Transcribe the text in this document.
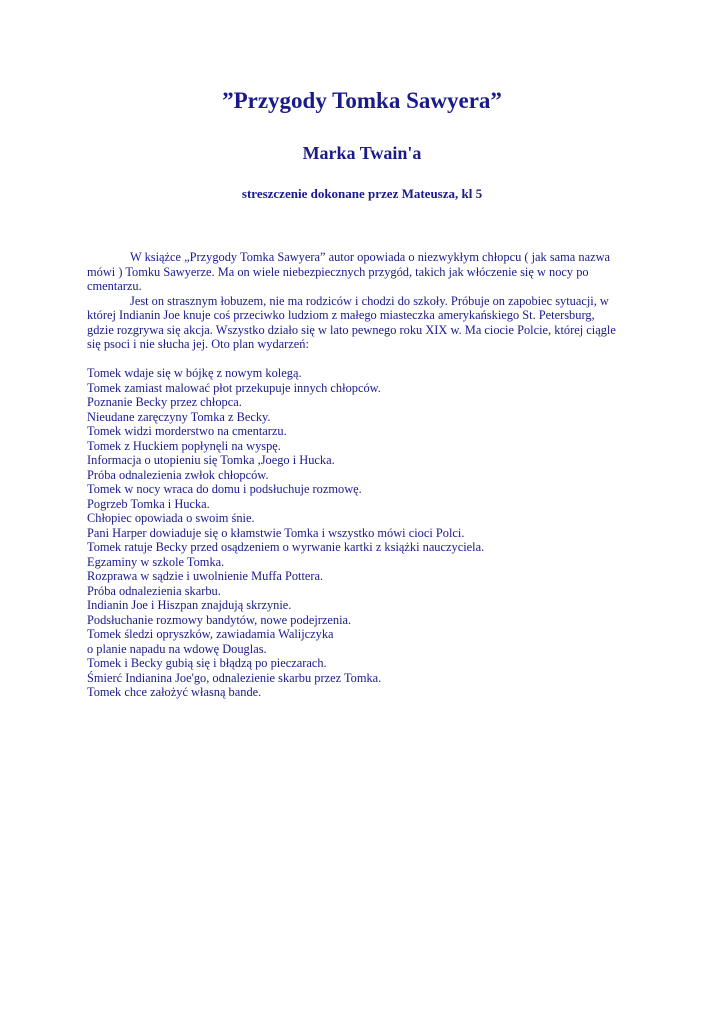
”Przygody Tomka Sawyera”
Marka Twain'a
streszczenie dokonane przez Mateusza, kl 5

W książce „Przygody Tomka Sawyera” autor opowiada o niezwykłym chłopcu ( jak sama nazwa
mówi ) Tomku Sawyerze. Ma on wiele niebezpiecznych przygód, takich jak włóczenie się w nocy po
cmentarzu.

Jest on strasznym łobuzem, nie ma rodziców i chodzi do szkoły. Próbuje on zapobiec sytuacji, w
której Indianin Joe knuje coś przeciwko ludziom z małego miasteczka amerykańskiego St. Petersburg,
gdzie rozgrywa się akcja. Wszystko działo się w lato pewnego roku XIX w. Ma ciocie Polcie, której ciągle
się psoci i nie słucha jej. Oto plan wydarzeń:

Tomek wdaje się w bójkę z nowym kolegą.
Tomek zamiast malować płot przekupuje innych chłopców.
Poznanie Becky przez chłopca.
Nieudane zaręczyny Tomka z Becky.
Tomek widzi morderstwo na cmentarzu.
Tomek z Huckiem popłynęli na wyspę.
Informacja o utopieniu się Tomka ,Joego i Hucka.
Próba odnalezienia zwłok chłopców.
Tomek w nocy wraca do domu i podsłuchuje rozmowę.
Pogrzeb Tomka i Hucka.
Chłopiec opowiada o swoim śnie.
Pani Harper dowiaduje się o kłamstwie Tomka i wszystko mówi cioci Polci.
Tomek ratuje Becky przed osądzeniem o wyrwanie kartki z książki nauczyciela.
Egzaminy w szkole Tomka.
Rozprawa w sądzie i uwolnienie Muffa Pottera.
Próba odnalezienia skarbu.
Indianin Joe i Hiszpan znajdują skrzynie.
Podsłuchanie rozmowy bandytów, nowe podejrzenia.
Tomek śledzi opryszków, zawiadamia Walijczyka
o planie napadu na wdowę Douglas.
Tomek i Becky gubią się i błądzą po pieczarach.
Śmierć Indianina Joe'go, odnalezienie skarbu przez Tomka.
Tomek chce założyć własną bande.
